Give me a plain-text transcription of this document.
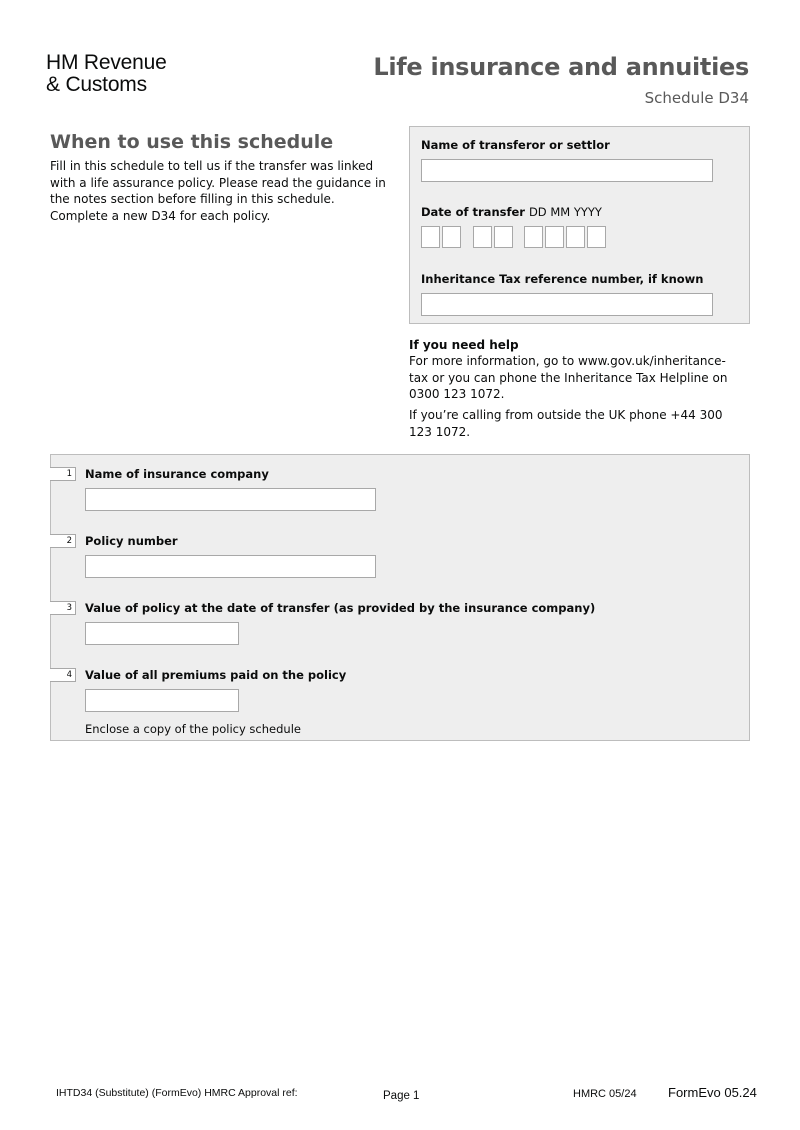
HM Revenue
& Customs
Life insurance and annuities
Schedule D34
When to use this schedule
Fill in this schedule to tell us if the transfer was linked with a life assurance policy. Please read the guidance in the notes section before filling in this schedule. Complete a new D34 for each policy.
Name of transferor or settlor
Date of transfer DD MM YYYY
Inheritance Tax reference number, if known
If you need help
For more information, go to www.gov.uk/inheritance-tax or you can phone the Inheritance Tax Helpline on 0300 123 1072.
If you’re calling from outside the UK phone +44 300 123 1072.
1	Name of insurance company
2	Policy number
3	Value of policy at the date of transfer (as provided by the insurance company)
4	Value of all premiums paid on the policy
Enclose a copy of the policy schedule
IHTD34 (Substitute) (FormEvo) HMRC Approval ref:	Page 1	HMRC 05/24 FormEvo 05.24
